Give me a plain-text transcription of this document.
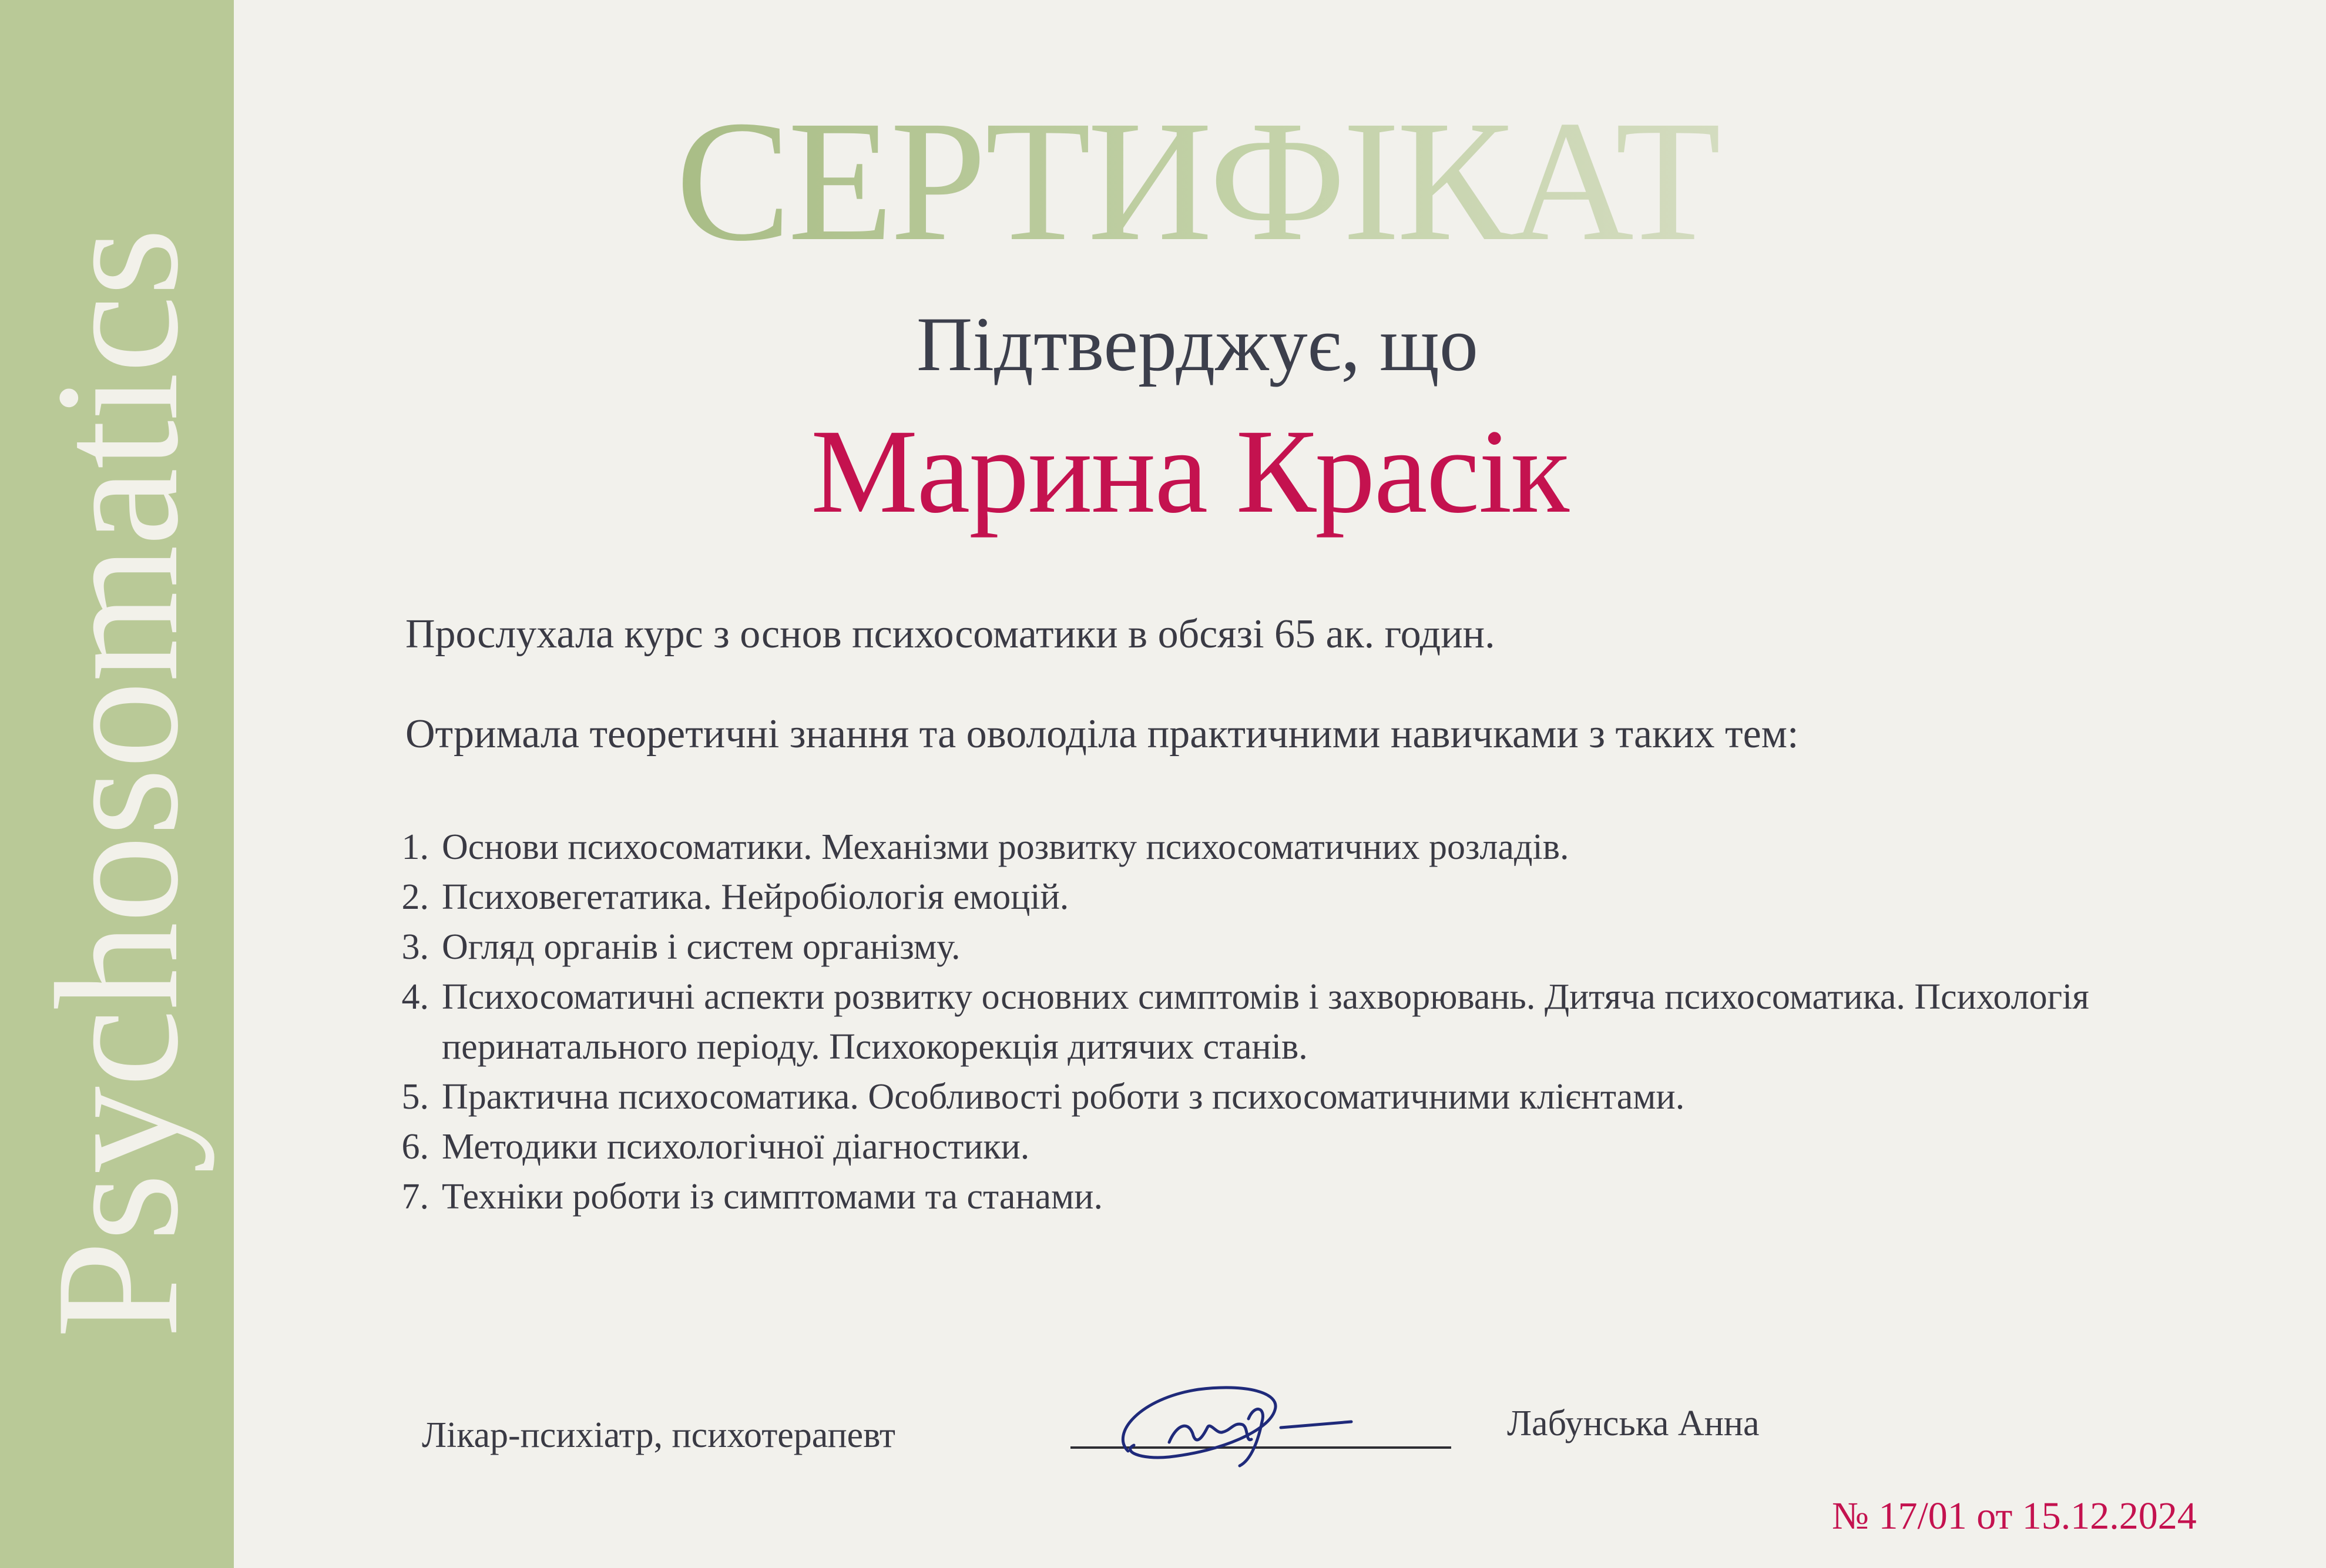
Psychosomatics
СЕРТИФІКАТ
Підтверджує, що
Марина Красік
Прослухала курс з основ психосоматики в обсязі 65 ак. годин.
Отримала теоретичні знання та оволоділа практичними навичками з таких тем:
1. Основи психосоматики. Механізми розвитку психосоматичних розладів.
2. Психовегетатика. Нейробіологія емоцій.
3. Огляд органів і систем організму.
4. Психосоматичні аспекти розвитку основних симптомів і захворювань. Дитяча психосоматика. Психологія перинатального періоду. Психокорекція дитячих станів.
5. Практична психосоматика. Особливості роботи з психосоматичними клієнтами.
6. Методики психологічної діагностики.
7. Техніки роботи із симптомами та станами.
Лікар-психіатр, психотерапевт	Лабунська Анна
№ 17/01 от 15.12.2024
